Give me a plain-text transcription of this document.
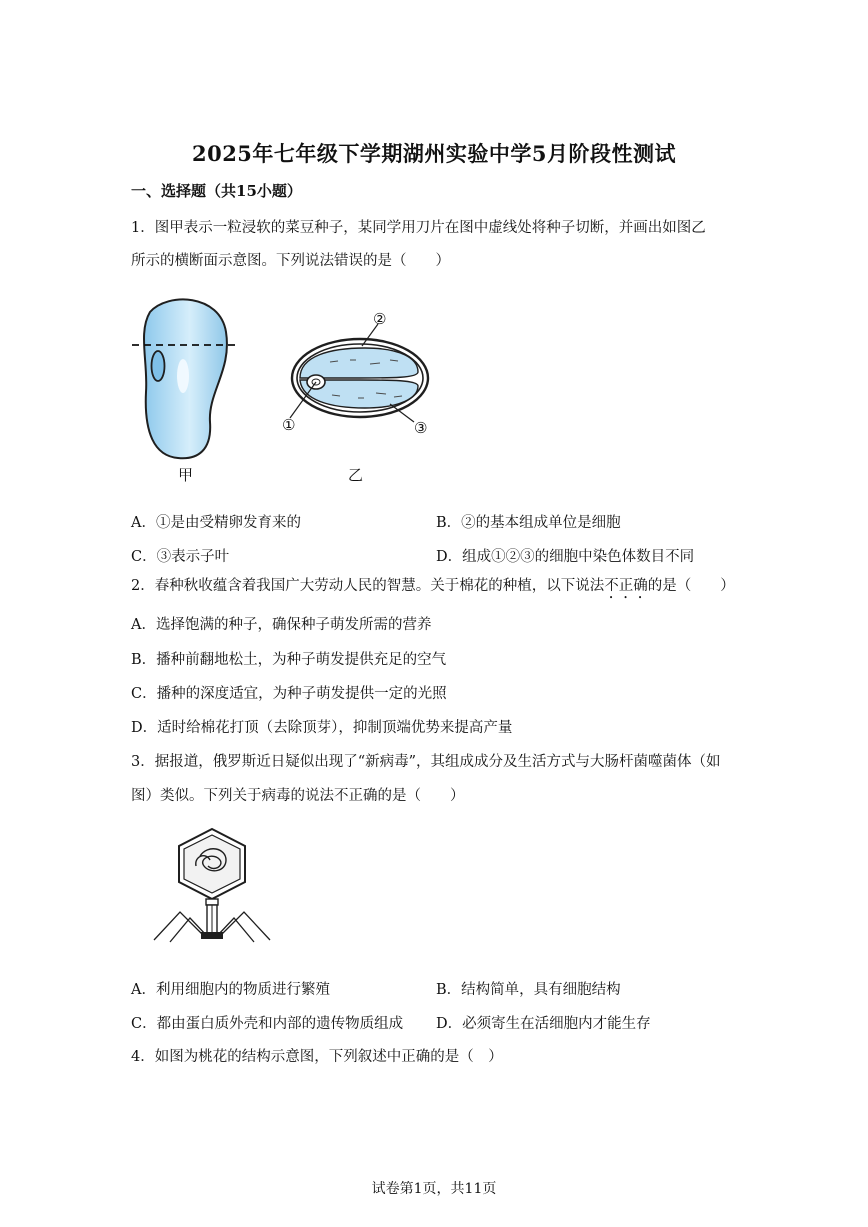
2025年七年级下学期湖州实验中学5月阶段性测试
一、选择题（共15小题）
1．图甲表示一粒浸软的菜豆种子，某同学用刀片在图中虚线处将种子切断，并画出如图乙
所示的横断面示意图。下列说法错误的是（　　）
甲
①
②
③
乙
A．①是由受精卵发育来的	B．②的基本组成单位是细胞
C．③表示子叶	D．组成①②③的细胞中染色体数目不同
2．春种秋收蕴含着我国广大劳动人民的智慧。关于棉花的种植，以下说法不正确的是（　　）
A．选择饱满的种子，确保种子萌发所需的营养
B．播种前翻地松土，为种子萌发提供充足的空气
C．播种的深度适宜，为种子萌发提供一定的光照
D．适时给棉花打顶（去除顶芽），抑制顶端优势来提高产量
3．据报道，俄罗斯近日疑似出现了“新病毒”，其组成成分及生活方式与大肠杆菌噬菌体（如
图）类似。下列关于病毒的说法不正确的是（　　）
A．利用细胞内的物质进行繁殖	B．结构简单，具有细胞结构
C．都由蛋白质外壳和内部的遗传物质组成 D．必须寄生在活细胞内才能生存
4．如图为桃花的结构示意图，下列叙述中正确的是（　）
试卷第1页，共11页
